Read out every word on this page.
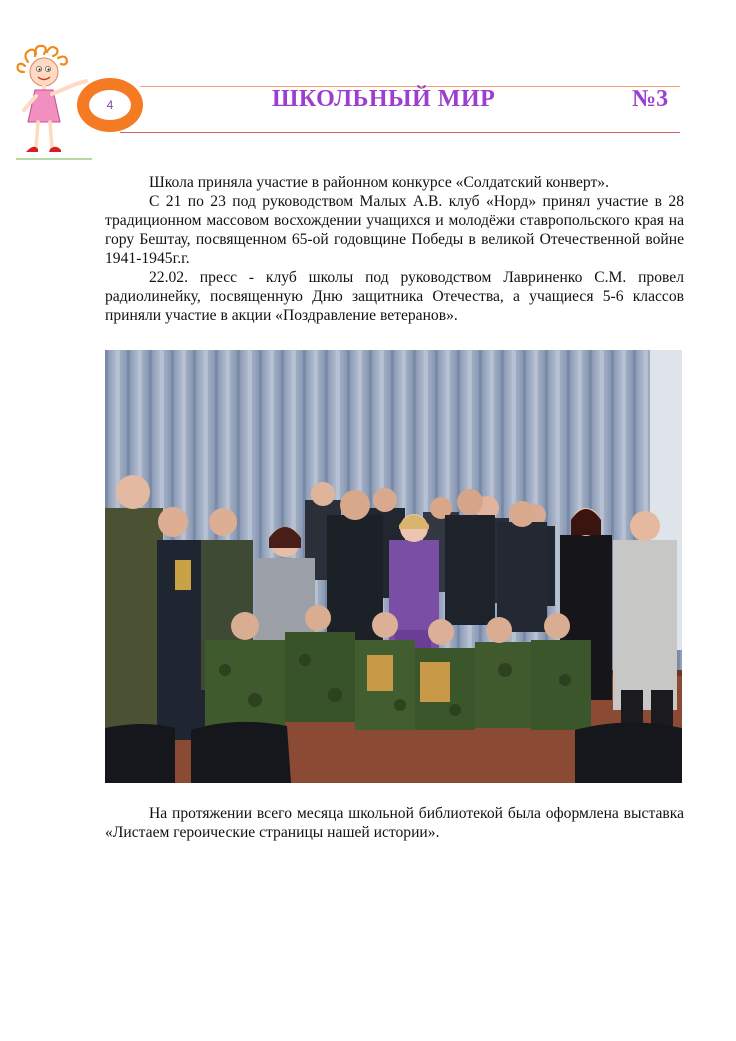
4	ШКОЛЬНЫЙ МИР	№3

Школа приняла участие в районном конкурсе «Солдатский конверт».

С 21 по 23 под руководством Малых А.В. клуб «Норд» принял участие в 28 традиционном массовом восхождении учащихся и молодёжи ставропольского края на гору Бештау, посвященном 65-ой годовщине Победы в великой Отечественной войне 1941-1945г.г.

22.02. пресс - клуб школы под руководством Лавриненко С.М. провел радиолинейку, посвященную Дню защитника Отечества, а учащиеся 5-6 классов приняли участие в акции «Поздравление ветеранов».

На протяжении всего месяца школьной библиотекой была оформлена выставка «Листаем героические страницы нашей истории».
